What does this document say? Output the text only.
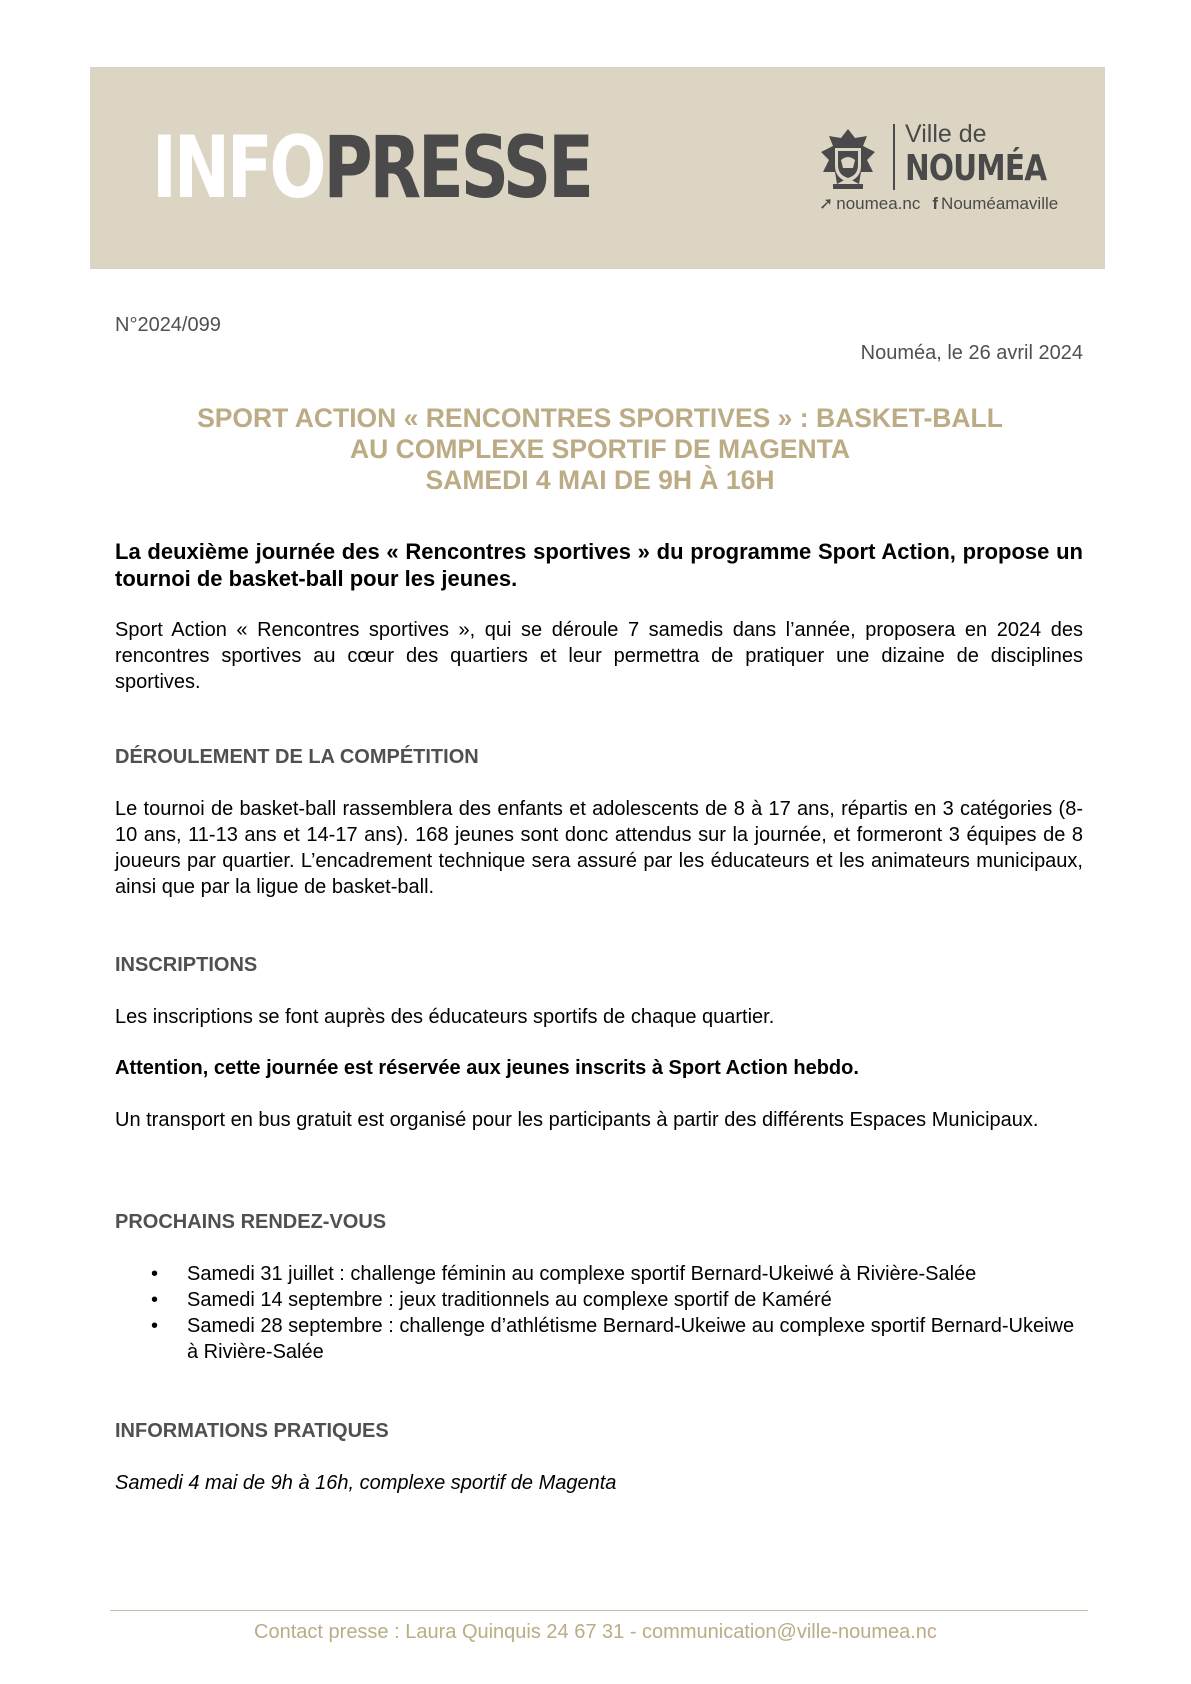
INFOPRESSE	Ville de
NOUMÉA
➚ noumea.nc f Nouméamaville
N°2024/099
Nouméa, le 26 avril 2024
SPORT ACTION « RENCONTRES SPORTIVES » : BASKET-BALL
AU COMPLEXE SPORTIF DE MAGENTA
SAMEDI 4 MAI DE 9H À 16H
La deuxième journée des « Rencontres sportives » du programme Sport Action, propose un tournoi de basket-ball pour les jeunes.
Sport Action « Rencontres sportives », qui se déroule 7 samedis dans l’année, proposera en 2024 des rencontres sportives au cœur des quartiers et leur permettra de pratiquer une dizaine de disciplines sportives.
DÉROULEMENT DE LA COMPÉTITION
Le tournoi de basket-ball rassemblera des enfants et adolescents de 8 à 17 ans, répartis en 3 catégories (8-10 ans, 11-13 ans et 14-17 ans). 168 jeunes sont donc attendus sur la journée, et formeront 3 équipes de 8 joueurs par quartier. L’encadrement technique sera assuré par les éducateurs et les animateurs municipaux, ainsi que par la ligue de basket-ball.
INSCRIPTIONS
Les inscriptions se font auprès des éducateurs sportifs de chaque quartier.
Attention, cette journée est réservée aux jeunes inscrits à Sport Action hebdo.
Un transport en bus gratuit est organisé pour les participants à partir des différents Espaces Municipaux.
PROCHAINS RENDEZ-VOUS
• Samedi 31 juillet : challenge féminin au complexe sportif Bernard-Ukeiwé à Rivière-Salée
• Samedi 14 septembre : jeux traditionnels au complexe sportif de Kaméré
• Samedi 28 septembre : challenge d’athlétisme Bernard-Ukeiwe au complexe sportif Bernard-Ukeiwe à Rivière-Salée
INFORMATIONS PRATIQUES
Samedi 4 mai de 9h à 16h, complexe sportif de Magenta
Contact presse : Laura Quinquis 24 67 31 - communication@ville-noumea.nc
